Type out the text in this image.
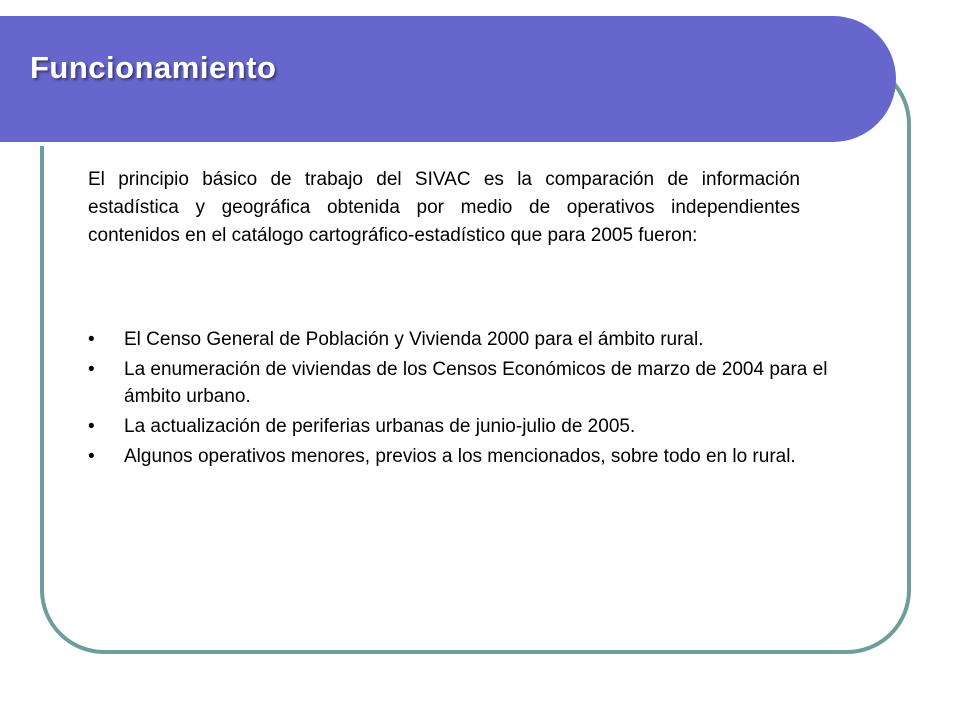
Funcionamiento

El principio básico de trabajo del SIVAC es la comparación de información estadística y geográfica obtenida por medio de operativos independientes contenidos en el catálogo cartográfico-estadístico que para 2005 fueron:

•	El Censo General de Población y Vivienda 2000 para el ámbito rural.
•	La enumeración de viviendas de los Censos Económicos de marzo de 2004 para el ámbito urbano.
•	La actualización de periferias urbanas de junio-julio de 2005.
•	Algunos operativos menores, previos a los mencionados, sobre todo en lo rural.
